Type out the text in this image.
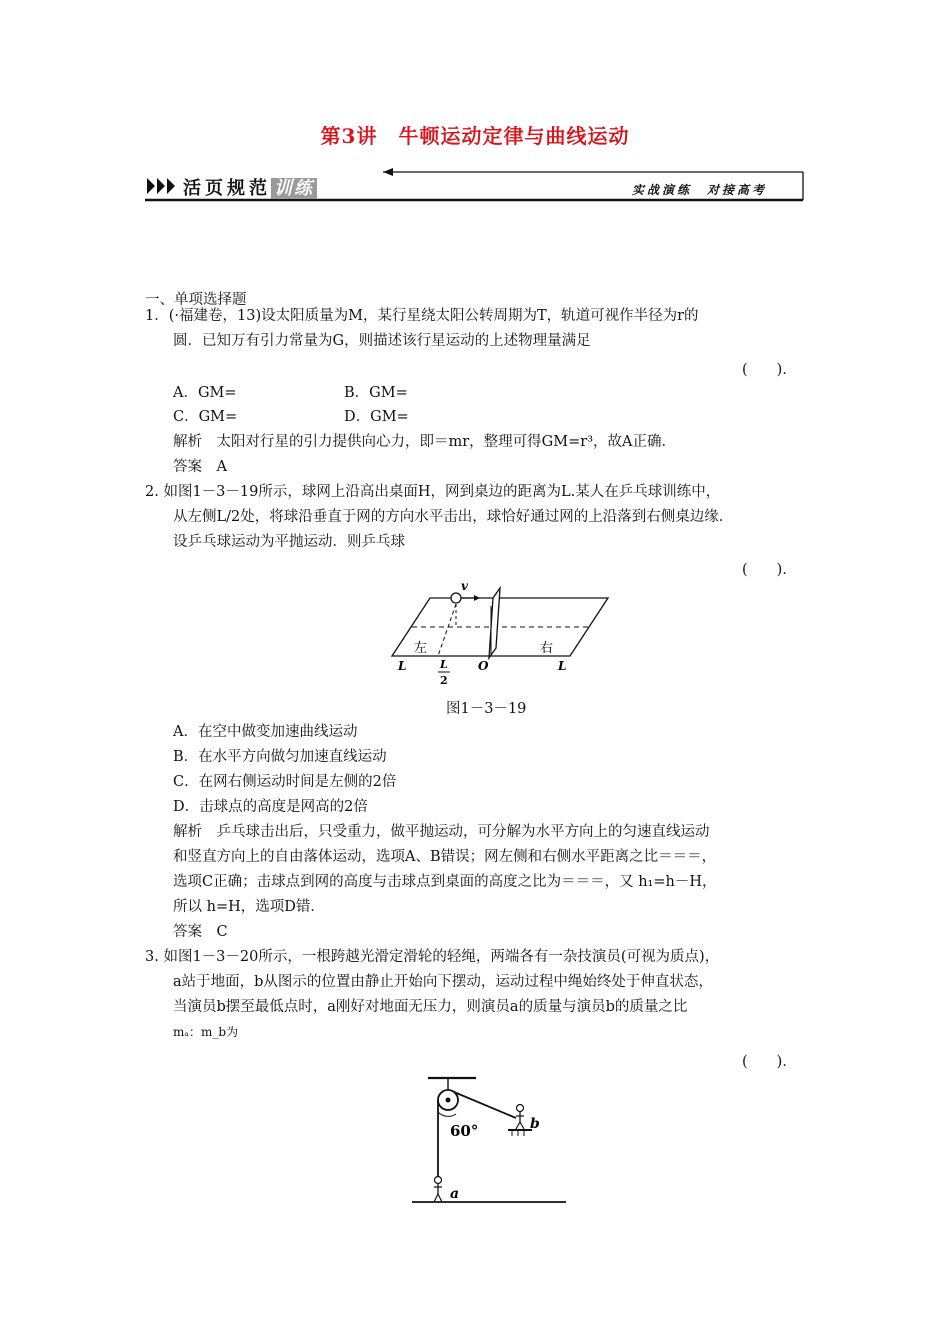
第3讲　牛顿运动定律与曲线运动
活页规范 训练	实战演练　对接高考
一、单项选择题
1．(·福建卷，13)设太阳质量为M，某行星绕太阳公转周期为T，轨道可视作半径为r的
圆．已知万有引力常量为G，则描述该行星运动的上述物理量满足
(　　)．
A．GM=	B．GM=
C．GM=	D．GM=
解析　太阳对行星的引力提供向心力，即＝mr，整理可得GM=r³，故A正确．
答案　A
2. 如图1－3－19所示，球网上沿高出桌面H，网到桌边的距离为L.某人在乒乓球训练中，
从左侧L/2处，将球沿垂直于网的方向水平击出，球恰好通过网的上沿落到右侧桌边缘．
设乒乓球运动为平抛运动．则乒乓球
(　　)．
v
左	右
L	L
O
L
2
图1－3－19
A．在空中做变加速曲线运动
B．在水平方向做匀加速直线运动
C．在网右侧运动时间是左侧的2倍
D．击球点的高度是网高的2倍
解析　乒乓球击出后，只受重力，做平抛运动，可分解为水平方向上的匀速直线运动
和竖直方向上的自由落体运动，选项A、B错误；网左侧和右侧水平距离之比＝＝＝，
选项C正确；击球点到网的高度与击球点到桌面的高度之比为＝＝＝，又 h₁=h－H，
所以 h=H，选项D错．
答案　C
3. 如图1－3－20所示，一根跨越光滑定滑轮的轻绳，两端各有一杂技演员(可视为质点)，
a站于地面，b从图示的位置由静止开始向下摆动，运动过程中绳始终处于伸直状态，
当演员b摆至最低点时，a刚好对地面无压力，则演员a的质量与演员b的质量之比
mₐ：m_b为
(　　)．
60°	b
a
